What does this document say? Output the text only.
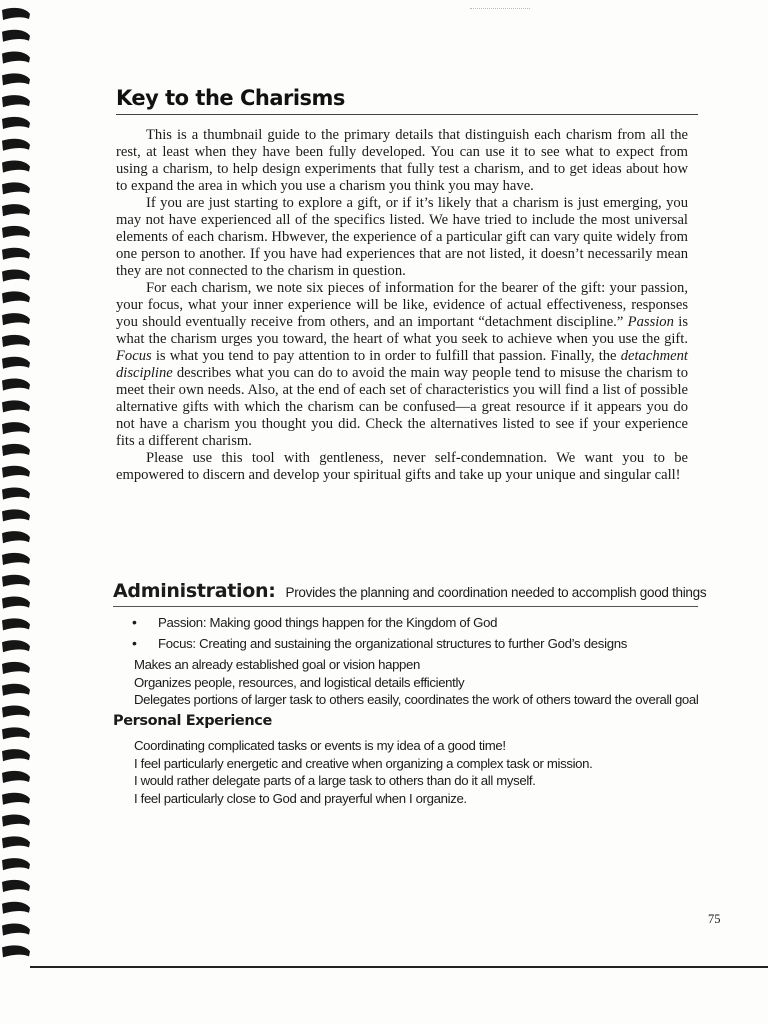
Key to the Charisms

This is a thumbnail guide to the primary details that distinguish each charism from all the rest, at least when they have been fully developed. You can use it to see what to expect from using a charism, to help design experiments that fully test a charism, and to get ideas about how to expand the area in which you use a charism you think you may have.

If you are just starting to explore a gift, or if it’s likely that a charism is just emerging, you may not have experienced all of the specifics listed. We have tried to include the most universal elements of each charism. Hbwever, the experience of a particular gift can vary quite widely from one person to another. If you have had experiences that are not listed, it doesn’t necessarily mean they are not connected to the charism in question.

For each charism, we note six pieces of information for the bearer of the gift: your passion, your focus, what your inner experience will be like, evidence of actual effectiveness, responses you should eventually receive from others, and an important “detachment discipline.” Passion is what the charism urges you toward, the heart of what you seek to achieve when you use the gift. Focus is what you tend to pay attention to in order to fulfill that passion. Finally, the detachment discipline describes what you can do to avoid the main way people tend to misuse the charism to meet their own needs. Also, at the end of each set of characteristics you will find a list of possible alternative gifts with which the charism can be confused—a great resource if it appears you do not have a charism you thought you did. Check the alternatives listed to see if your experience fits a different charism.

Please use this tool with gentleness, never self-condemnation. We want you to be empowered to discern and develop your spiritual gifts and take up your unique and singular call!

Administration: Provides the planning and coordination needed to accomplish good things
• Passion: Making good things happen for the Kingdom of God
• Focus: Creating and sustaining the organizational structures to further God’s designs
Makes an already established goal or vision happen
Organizes people, resources, and logistical details efficiently
Delegates portions of larger task to others easily, coordinates the work of others toward the overall goal
Personal Experience
Coordinating complicated tasks or events is my idea of a good time!
I feel particularly energetic and creative when organizing a complex task or mission.
I would rather delegate parts of a large task to others than do it all myself.
I feel particularly close to God and prayerful when I organize.
75
